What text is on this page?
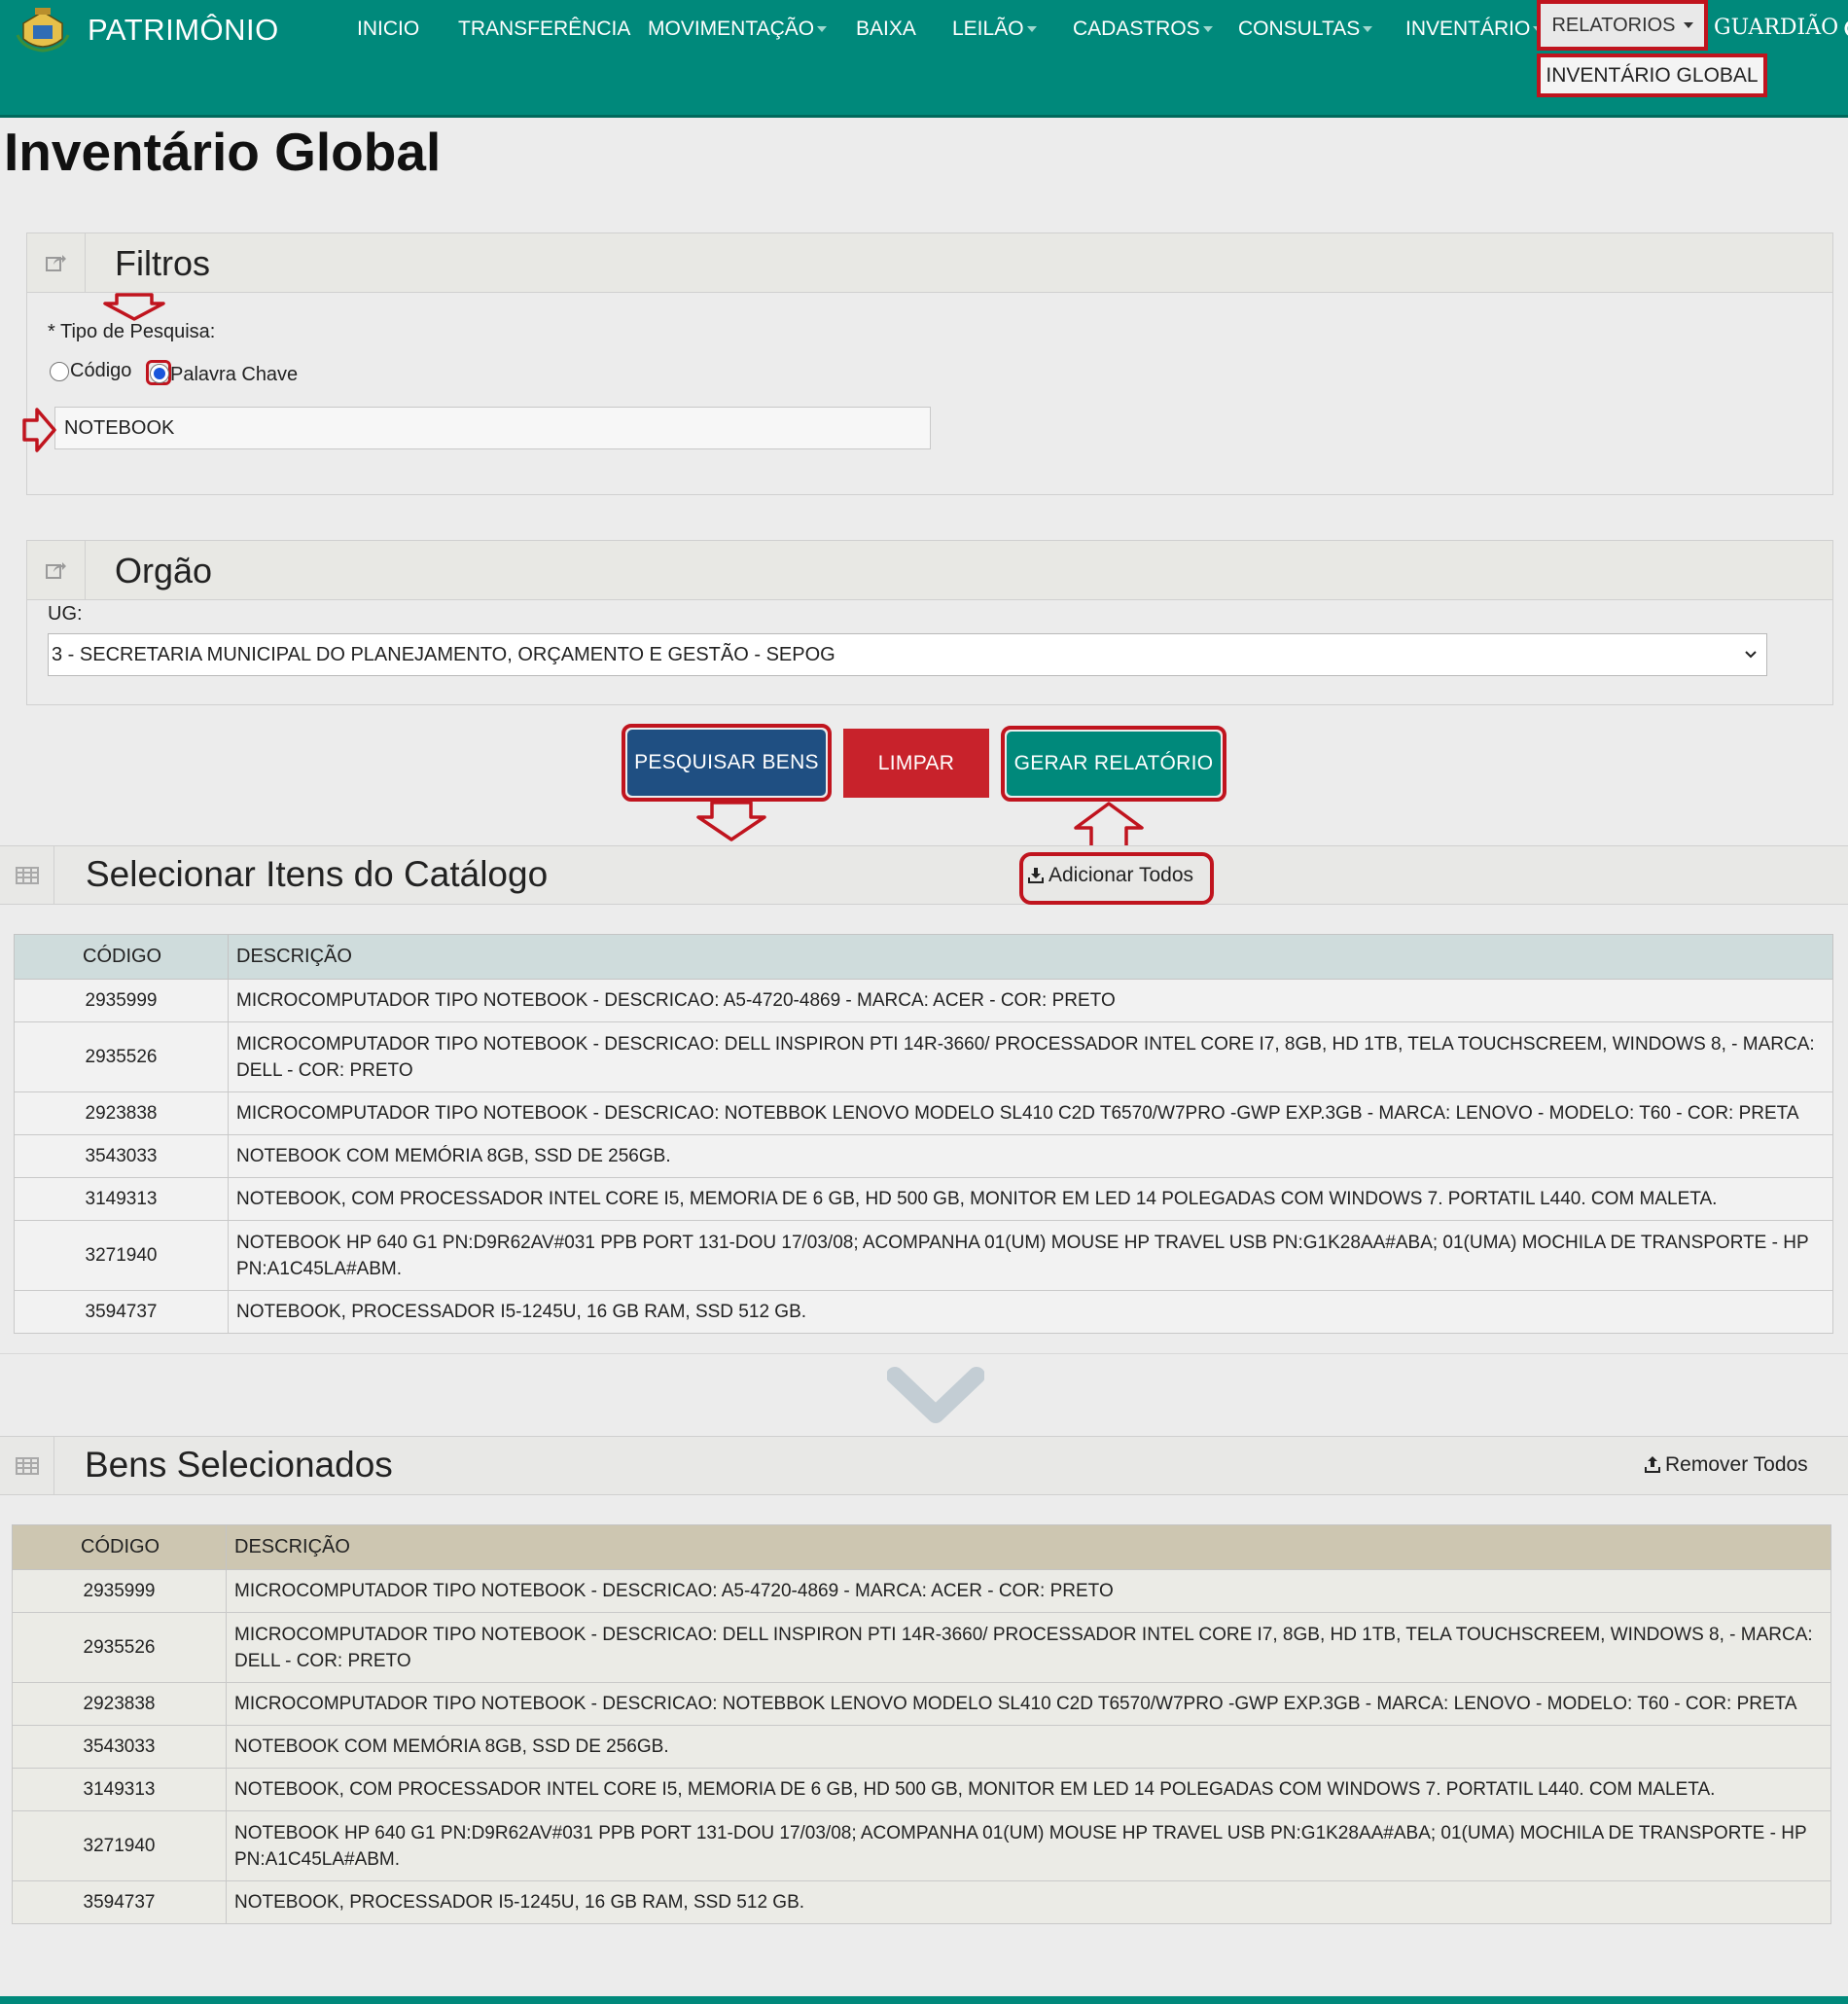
PATRIMÔNIO	INICIO TRANSFERÊNCIA MOVIMENTAÇÃO	BAIXA LEILÃO	CADASTROS	CONSULTAS	INVENTÁRIO	RELATORIOS
INVENTÁRIO GLOBAL
GUARDIÃO
Inventário Global
Filtros
* Tipo de Pesquisa:
Código Palavra Chave
NOTEBOOK
Orgão
UG:
3 - SECRETARIA MUNICIPAL DO PLANEJAMENTO, ORÇAMENTO E GESTÃO - SEPOG
PESQUISAR BENS	LIMPAR	GERAR RELATÓRIO
Selecionar Itens do Catálogo	Adicionar Todos
CÓDIGO	DESCRIÇÃO
2935999	MICROCOMPUTADOR TIPO NOTEBOOK - DESCRICAO: A5-4720-4869 - MARCA: ACER - COR: PRETO
2935526	MICROCOMPUTADOR TIPO NOTEBOOK - DESCRICAO: DELL INSPIRON PTI 14R-3660/ PROCESSADOR INTEL CORE I7, 8GB, HD 1TB, TELA TOUCHSCREEM, WINDOWS 8, - MARCA: DELL - COR: PRETO
2923838	MICROCOMPUTADOR TIPO NOTEBOOK - DESCRICAO: NOTEBBOK LENOVO MODELO SL410 C2D T6570/W7PRO -GWP EXP.3GB - MARCA: LENOVO - MODELO: T60 - COR: PRETA
3543033	NOTEBOOK COM MEMÓRIA 8GB, SSD DE 256GB.
3149313	NOTEBOOK, COM PROCESSADOR INTEL CORE I5, MEMORIA DE 6 GB, HD 500 GB, MONITOR EM LED 14 POLEGADAS COM WINDOWS 7. PORTATIL L440. COM MALETA.
3271940	NOTEBOOK HP 640 G1 PN:D9R62AV#031 PPB PORT 131-DOU 17/03/08; ACOMPANHA 01(UM) MOUSE HP TRAVEL USB PN:G1K28AA#ABA; 01(UMA) MOCHILA DE TRANSPORTE - HP PN:A1C45LA#ABM.
3594737	NOTEBOOK, PROCESSADOR I5-1245U, 16 GB RAM, SSD 512 GB.
Bens Selecionados	Remover Todos
CÓDIGO	DESCRIÇÃO
2935999	MICROCOMPUTADOR TIPO NOTEBOOK - DESCRICAO: A5-4720-4869 - MARCA: ACER - COR: PRETO
2935526	MICROCOMPUTADOR TIPO NOTEBOOK - DESCRICAO: DELL INSPIRON PTI 14R-3660/ PROCESSADOR INTEL CORE I7, 8GB, HD 1TB, TELA TOUCHSCREEM, WINDOWS 8, - MARCA: DELL - COR: PRETO
2923838	MICROCOMPUTADOR TIPO NOTEBOOK - DESCRICAO: NOTEBBOK LENOVO MODELO SL410 C2D T6570/W7PRO -GWP EXP.3GB - MARCA: LENOVO - MODELO: T60 - COR: PRETA
3543033	NOTEBOOK COM MEMÓRIA 8GB, SSD DE 256GB.
3149313	NOTEBOOK, COM PROCESSADOR INTEL CORE I5, MEMORIA DE 6 GB, HD 500 GB, MONITOR EM LED 14 POLEGADAS COM WINDOWS 7. PORTATIL L440. COM MALETA.
3271940	NOTEBOOK HP 640 G1 PN:D9R62AV#031 PPB PORT 131-DOU 17/03/08; ACOMPANHA 01(UM) MOUSE HP TRAVEL USB PN:G1K28AA#ABA; 01(UMA) MOCHILA DE TRANSPORTE - HP PN:A1C45LA#ABM.
3594737	NOTEBOOK, PROCESSADOR I5-1245U, 16 GB RAM, SSD 512 GB.
